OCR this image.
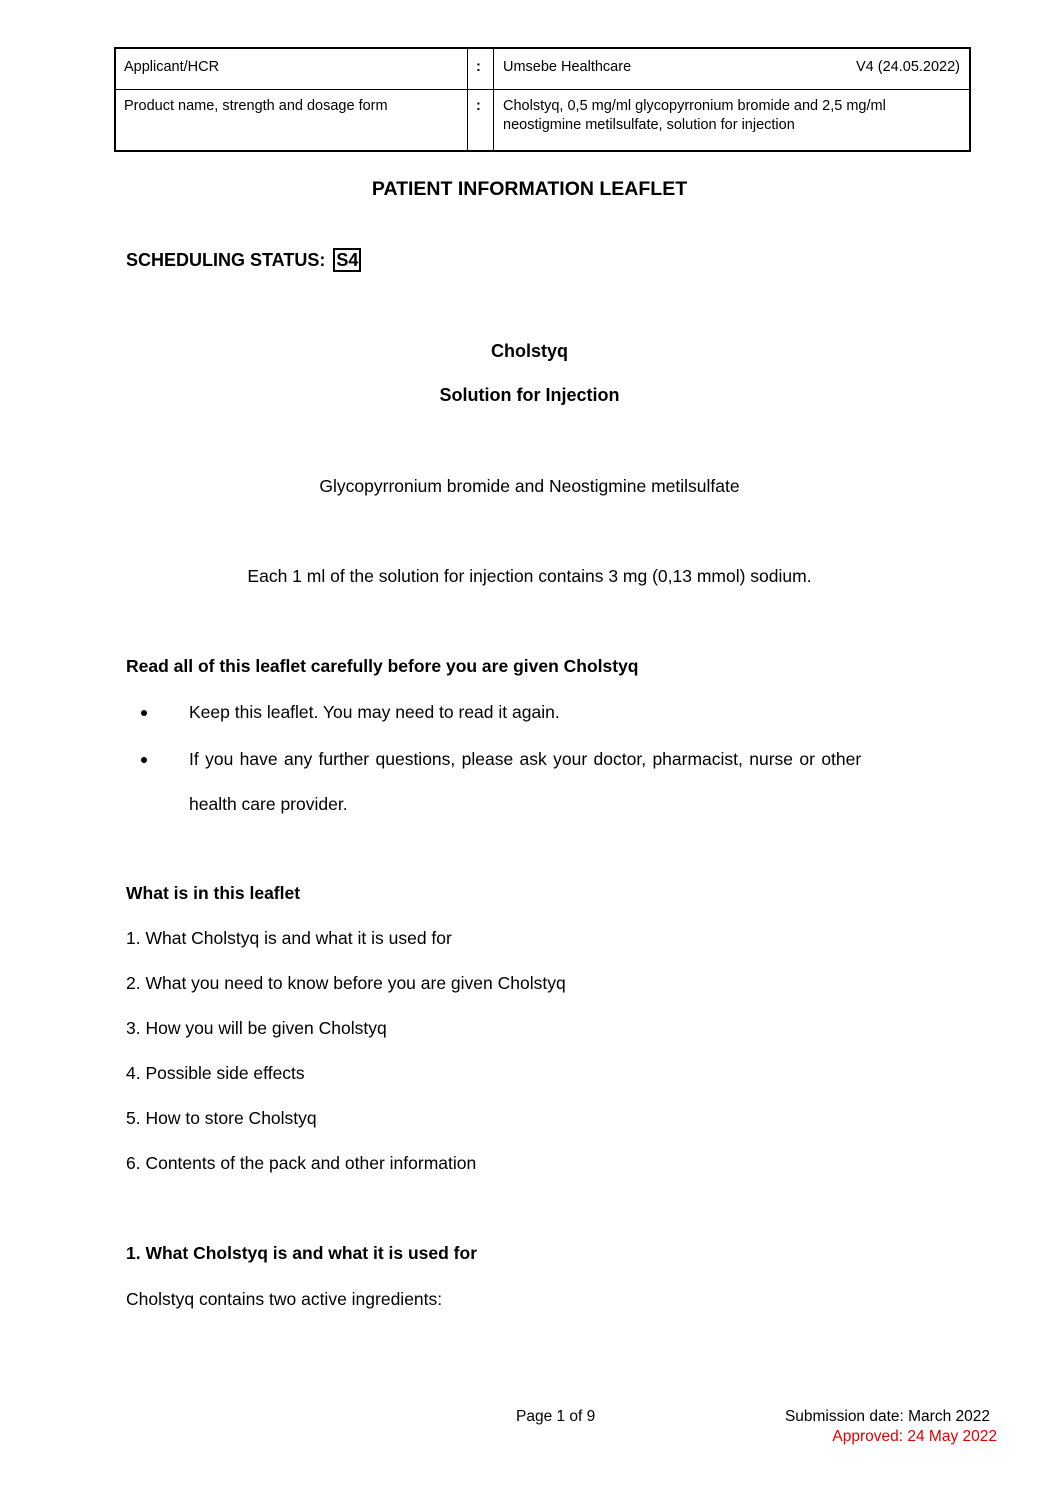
Applicant/HCR	: Umsebe Healthcare	V4 (24.05.2022)
Product name, strength and dosage form	: Cholstyq, 0,5 mg/ml glycopyrronium bromide and 2,5 mg/ml
neostigmine metilsulfate, solution for injection
PATIENT INFORMATION LEAFLET
SCHEDULING STATUS: S4
Cholstyq
Solution for Injection
Glycopyrronium bromide and Neostigmine metilsulfate
Each 1 ml of the solution for injection contains 3 mg (0,13 mmol) sodium.
Read all of this leaflet carefully before you are given Cholstyq
Keep this leaflet. You may need to read it again.
If you have any further questions, please ask your doctor, pharmacist, nurse or other
health care provider.
What is in this leaflet
1. What Cholstyq is and what it is used for
2. What you need to know before you are given Cholstyq
3. How you will be given Cholstyq
4. Possible side effects
5. How to store Cholstyq
6. Contents of the pack and other information
1. What Cholstyq is and what it is used for
Cholstyq contains two active ingredients:
Page 1 of 9	Submission date: March 2022
Approved: 24 May 2022
